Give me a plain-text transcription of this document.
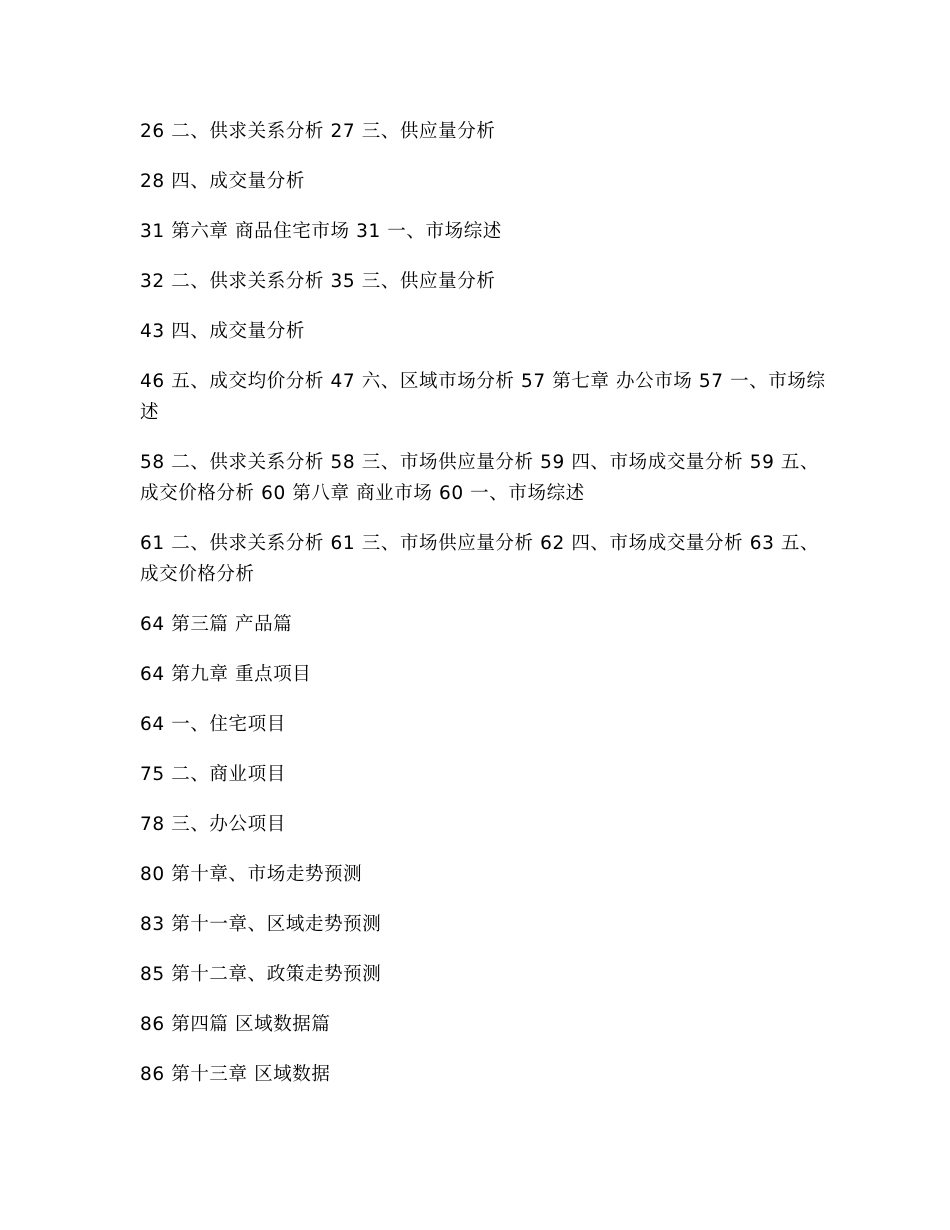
26 二、供求关系分析 27 三、供应量分析
28 四、成交量分析
31 第六章 商品住宅市场 31 一、市场综述
32 二、供求关系分析 35 三、供应量分析
43 四、成交量分析
46 五、成交均价分析 47 六、区域市场分析 57 第七章 办公市场 57 一、市场综述
58 二、供求关系分析 58 三、市场供应量分析 59 四、市场成交量分析 59 五、成交价格分析 60 第八章 商业市场 60 一、市场综述
61 二、供求关系分析 61 三、市场供应量分析 62 四、市场成交量分析 63 五、成交价格分析
64 第三篇 产品篇
64 第九章 重点项目
64 一、住宅项目
75 二、商业项目
78 三、办公项目
80 第十章、市场走势预测
83 第十一章、区域走势预测
85 第十二章、政策走势预测
86 第四篇 区域数据篇
86 第十三章 区域数据
